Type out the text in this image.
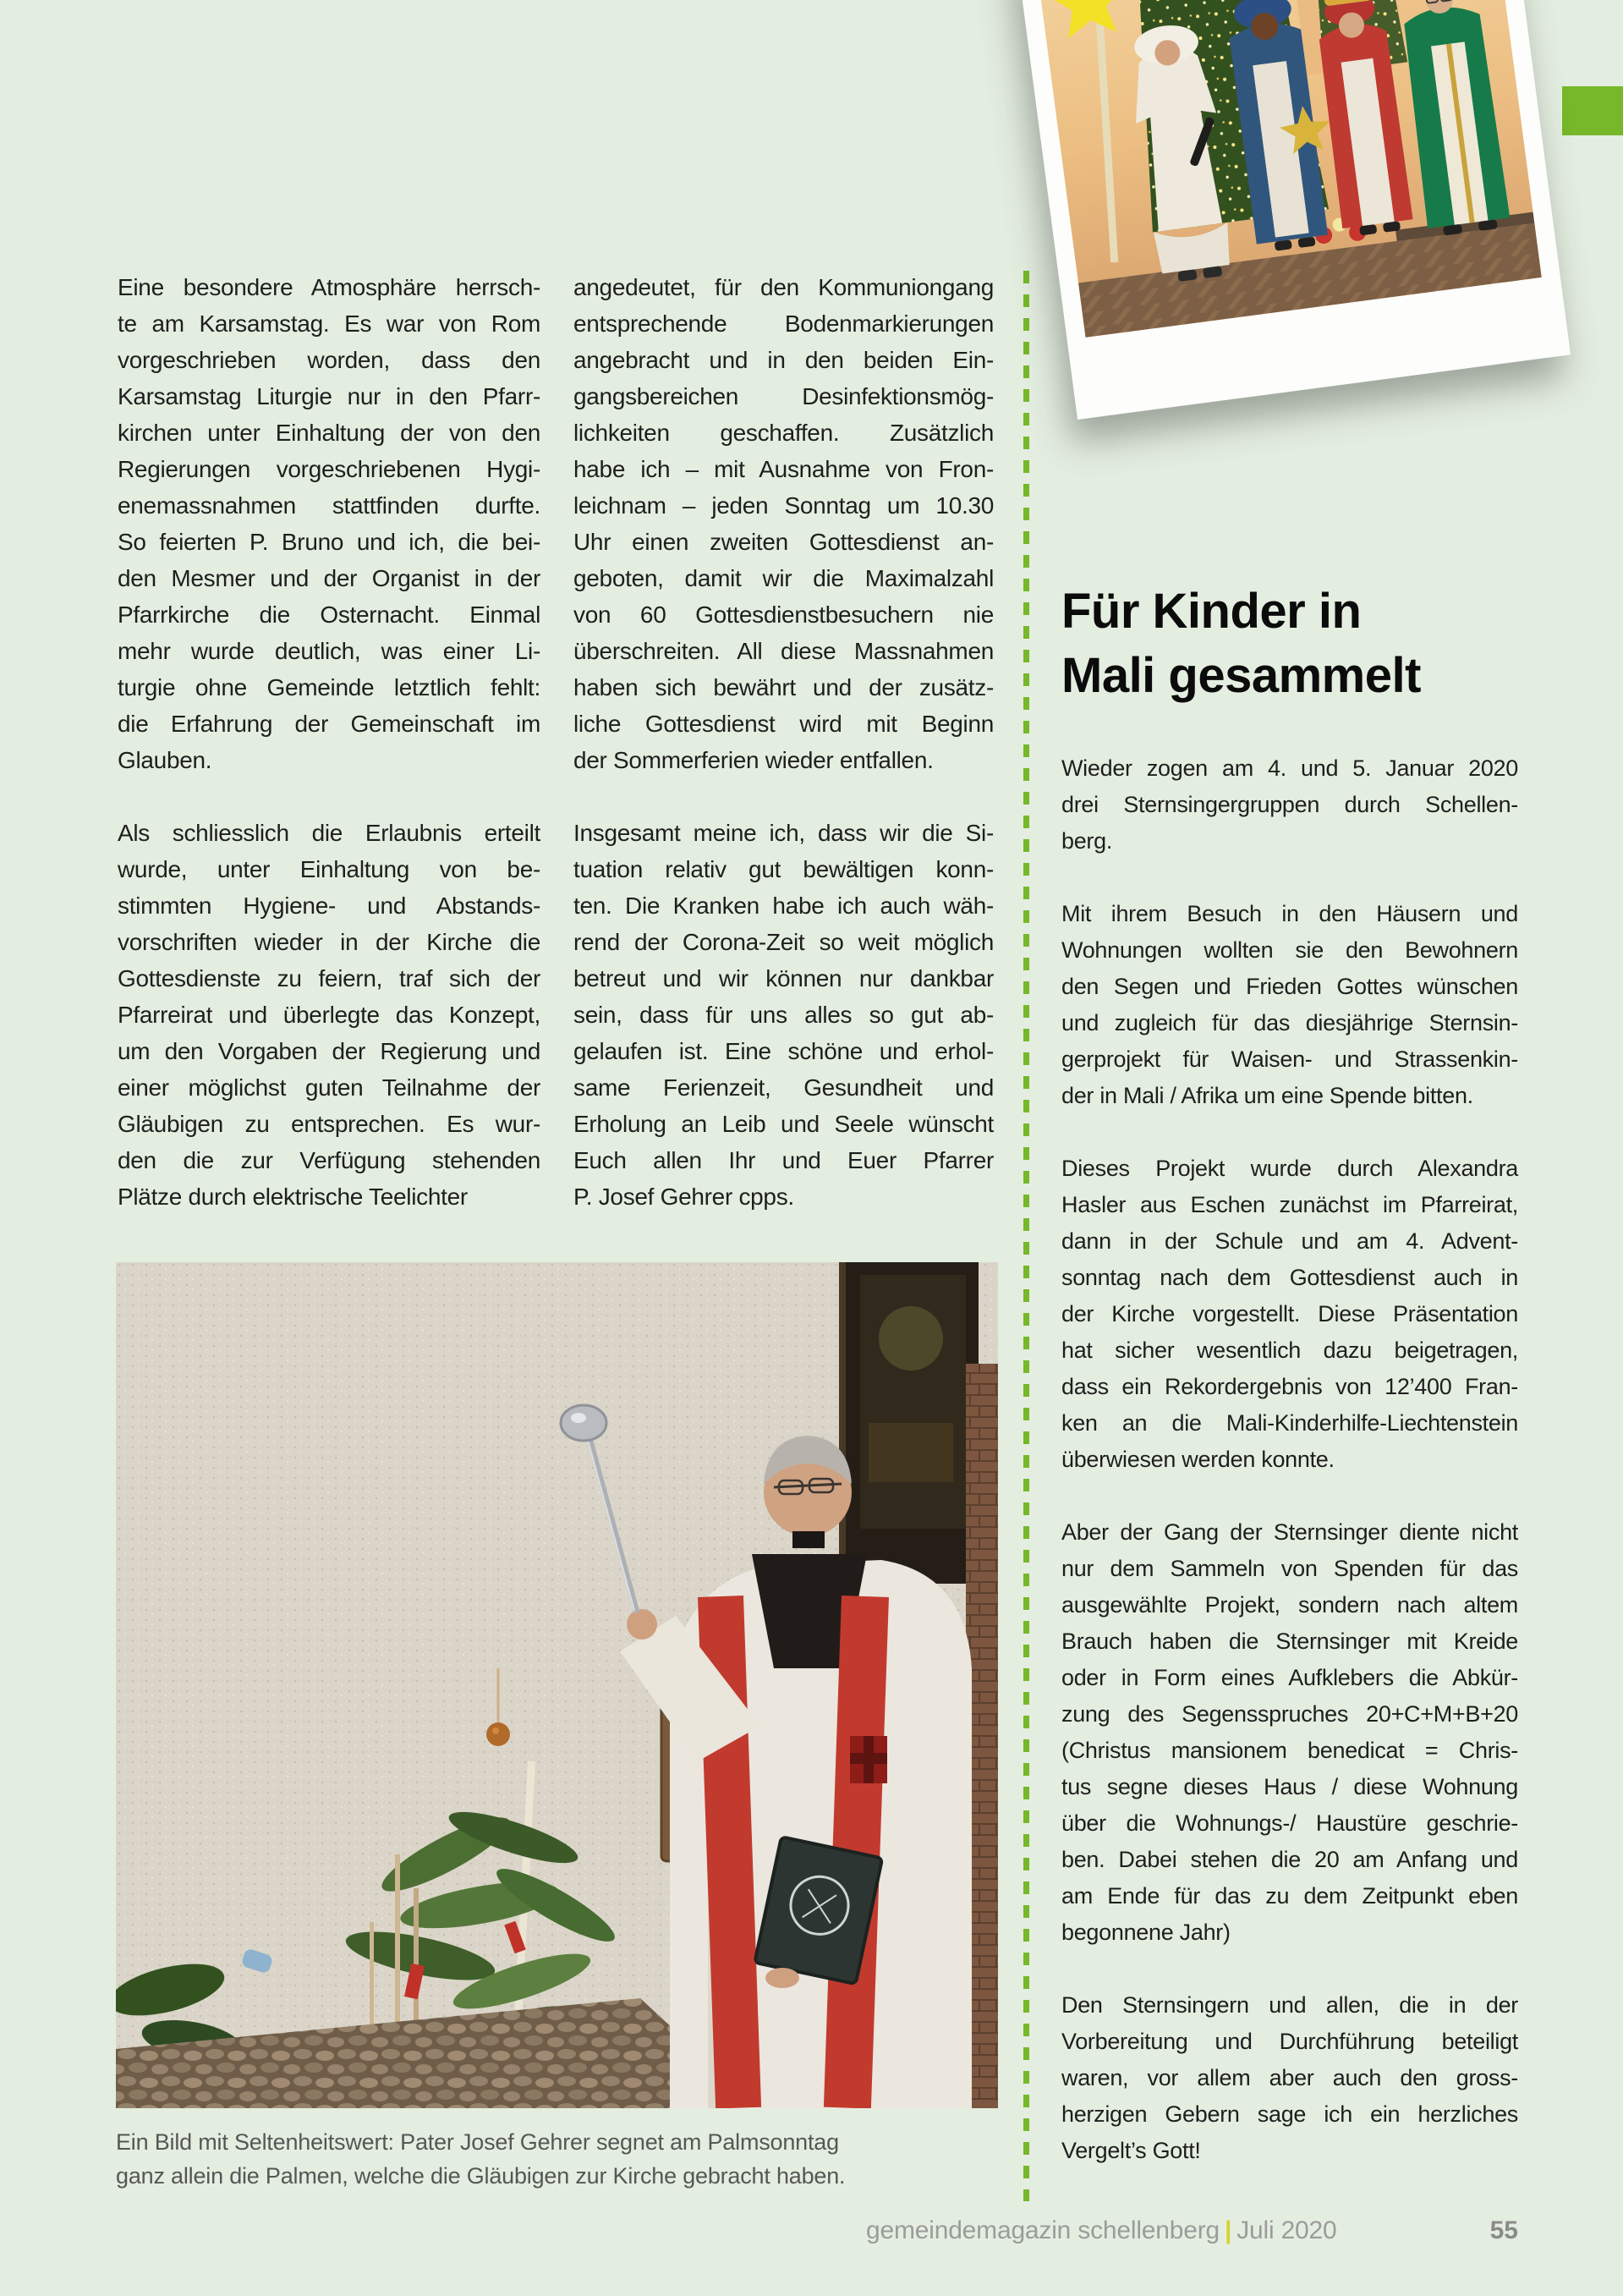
Eine besondere Atmosphäre herrsch-
te am Karsamstag. Es war von Rom
vorgeschrieben worden, dass den
Karsamstag Liturgie nur in den Pfarr-
kirchen unter Einhaltung der von den
Regierungen vorgeschriebenen Hygi-
enemassnahmen stattfinden durfte.
So feierten P. Bruno und ich, die bei-
den Mesmer und der Organist in der
Pfarrkirche die Osternacht. Einmal
mehr wurde deutlich, was einer Li-
turgie ohne Gemeinde letztlich fehlt:
die Erfahrung der Gemeinschaft im
Glauben.
Als schliesslich die Erlaubnis erteilt
wurde, unter Einhaltung von be-
stimmten Hygiene- und Abstands-
vorschriften wieder in der Kirche die
Gottesdienste zu feiern, traf sich der
Pfarreirat und überlegte das Konzept,
um den Vorgaben der Regierung und
einer möglichst guten Teilnahme der
Gläubigen zu entsprechen. Es wur-
den die zur Verfügung stehenden
Plätze durch elektrische Teelichter
angedeutet, für den Kommuniongang
entsprechende Bodenmarkierungen
angebracht und in den beiden Ein-
gangsbereichen Desinfektionsmög-
lichkeiten geschaffen. Zusätzlich
habe ich – mit Ausnahme von Fron-
leichnam – jeden Sonntag um 10.30
Uhr einen zweiten Gottesdienst an-
geboten, damit wir die Maximalzahl
von 60 Gottesdienstbesuchern nie
überschreiten. All diese Massnahmen
haben sich bewährt und der zusätz-
liche Gottesdienst wird mit Beginn
der Sommerferien wieder entfallen.
Insgesamt meine ich, dass wir die Si-
tuation relativ gut bewältigen konn-
ten. Die Kranken habe ich auch wäh-
rend der Corona-Zeit so weit möglich
betreut und wir können nur dankbar
sein, dass für uns alles so gut ab-
gelaufen ist. Eine schöne und erhol-
same Ferienzeit, Gesundheit und
Erholung an Leib und Seele wünscht
Euch allen Ihr und Euer Pfarrer
P. Josef Gehrer cpps.
Für Kinder in
Mali gesammelt
Wieder zogen am 4. und 5. Januar 2020
drei Sternsingergruppen durch Schellen-
berg.
Mit ihrem Besuch in den Häusern und
Wohnungen wollten sie den Bewohnern
den Segen und Frieden Gottes wünschen
und zugleich für das diesjährige Sternsin-
gerprojekt für Waisen- und Strassenkin-
der in Mali / Afrika um eine Spende bitten.
Dieses Projekt wurde durch Alexandra
Hasler aus Eschen zunächst im Pfarreirat,
dann in der Schule und am 4. Advent-
sonntag nach dem Gottesdienst auch in
der Kirche vorgestellt. Diese Präsentation
hat sicher wesentlich dazu beigetragen,
dass ein Rekordergebnis von 12’400 Fran-
ken an die Mali-Kinderhilfe-Liechtenstein
überwiesen werden konnte.
Aber der Gang der Sternsinger diente nicht
nur dem Sammeln von Spenden für das
ausgewählte Projekt, sondern nach altem
Brauch haben die Sternsinger mit Kreide
oder in Form eines Aufklebers die Abkür-
zung des Segensspruches 20+C+M+B+20
(Christus mansionem benedicat = Chris-
tus segne dieses Haus / diese Wohnung
über die Wohnungs-/ Haustüre geschrie-
ben. Dabei stehen die 20 am Anfang und
am Ende für das zu dem Zeitpunkt eben
begonnene Jahr)
Den Sternsingern und allen, die in der
Vorbereitung und Durchführung beteiligt
waren, vor allem aber auch den gross-
herzigen Gebern sage ich ein herzliches
Vergelt’s Gott!
Ein Bild mit Seltenheitswert: Pater Josef Gehrer segnet am Palmsonntag
ganz allein die Palmen, welche die Gläubigen zur Kirche gebracht haben.
gemeindemagazin schellenberg | Juli 2020	55
